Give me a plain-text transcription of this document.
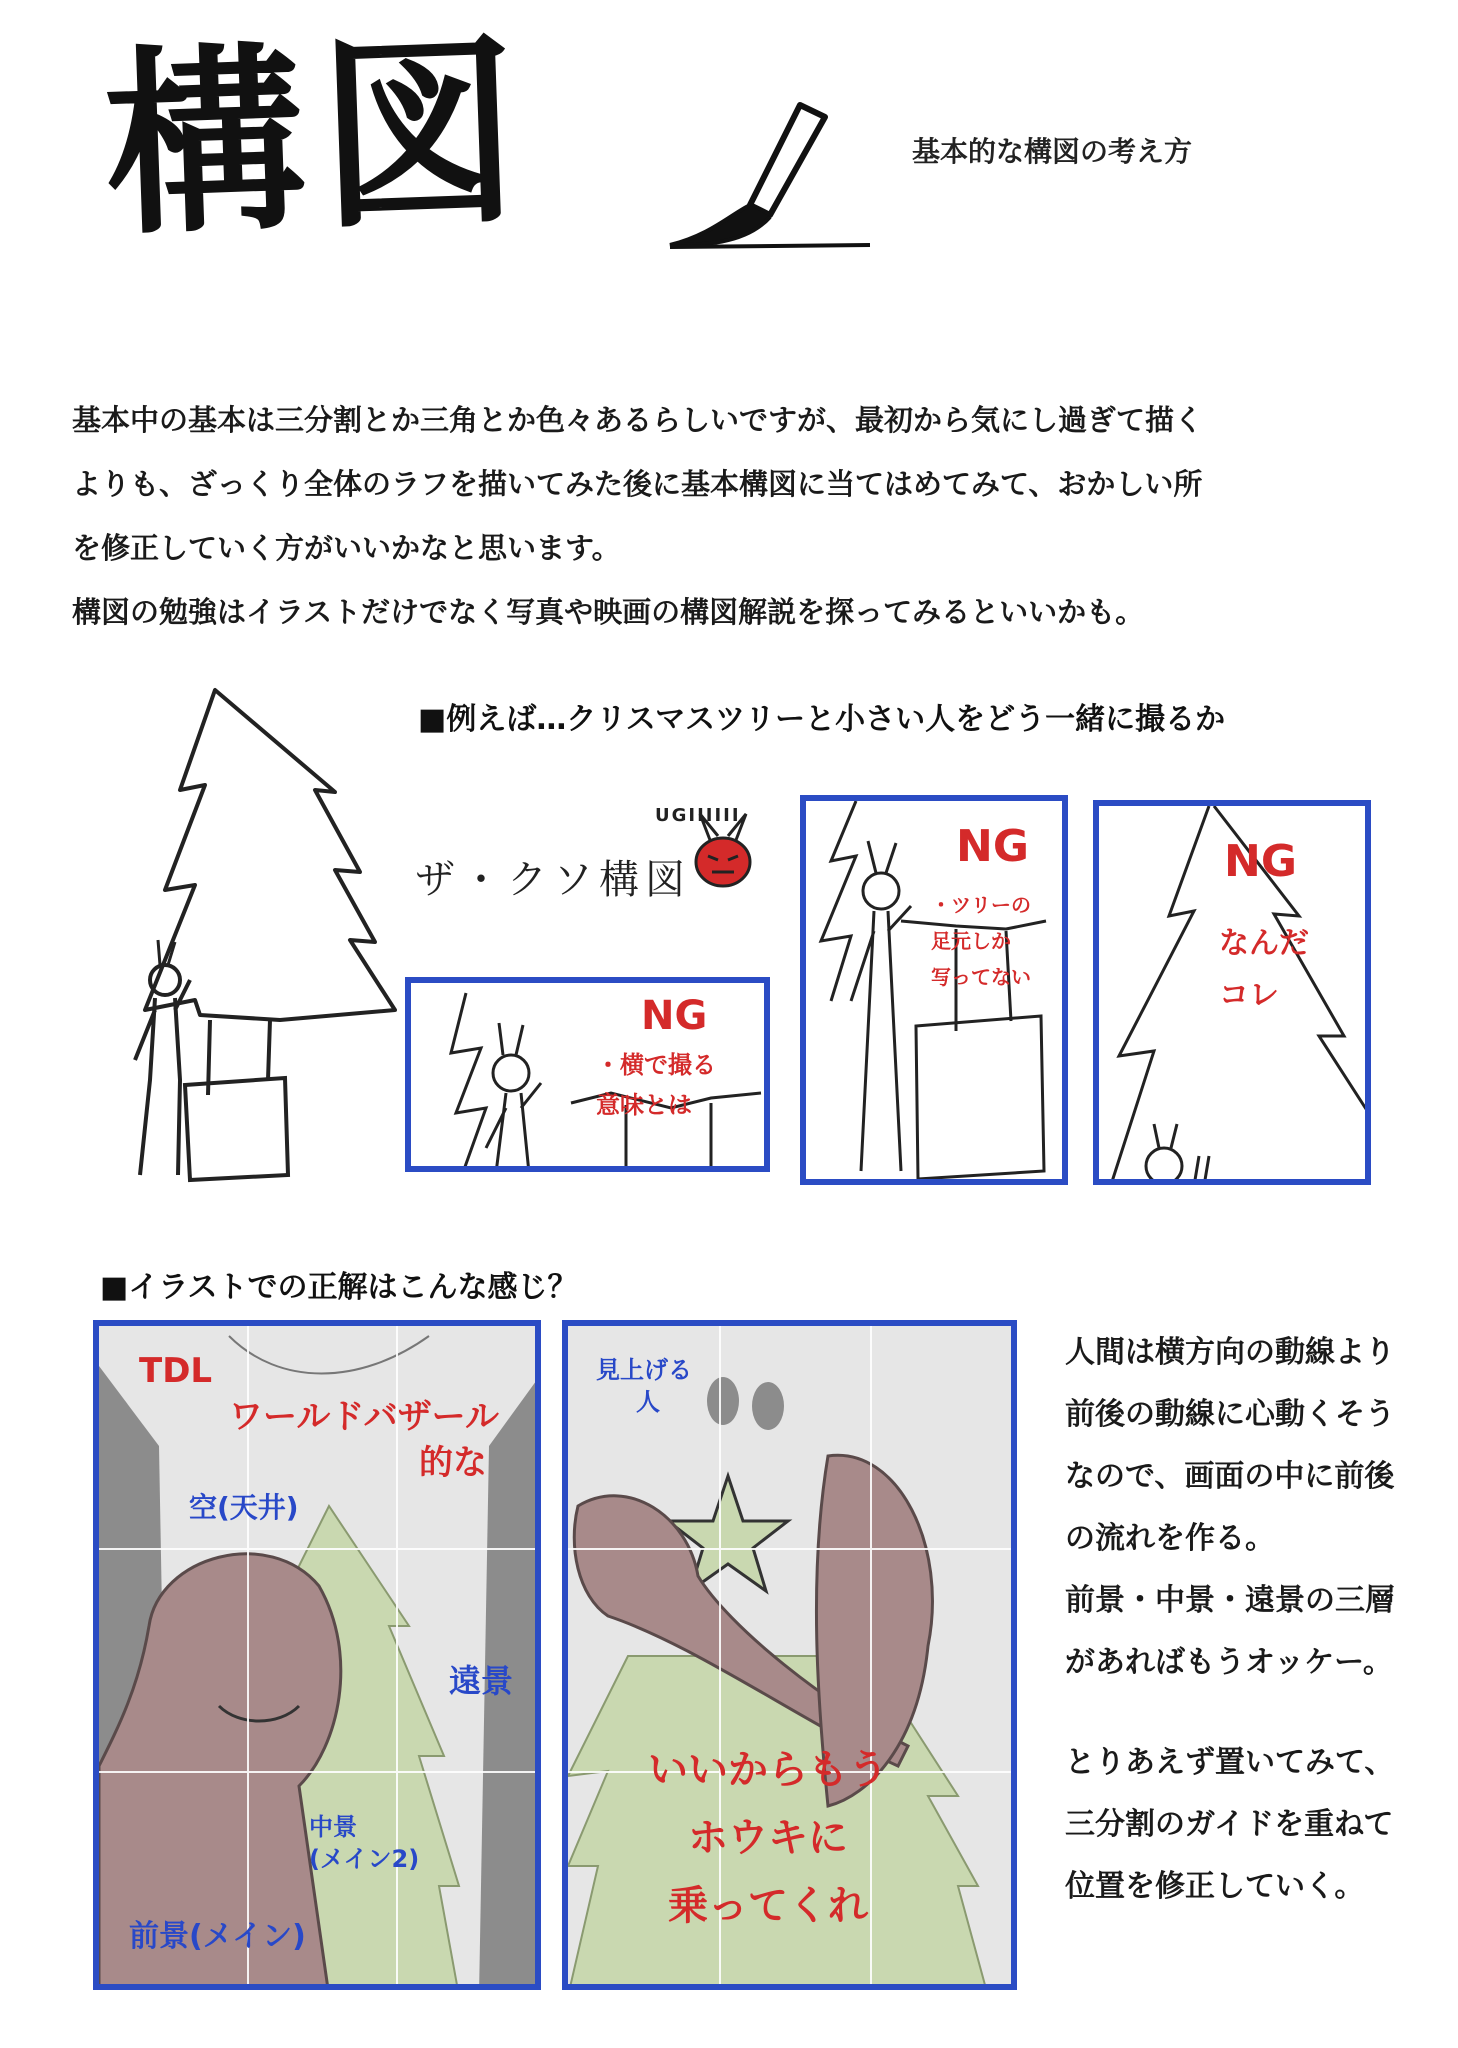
構図	基本的な構図の考え方

基本中の基本は三分割とか三角とか色々あるらしいですが、最初から気にし過ぎて描く

よりも、ざっくり全体のラフを描いてみた後に基本構図に当てはめてみて、おかしい所

を修正していく方がいいかなと思います。

構図の勉強はイラストだけでなく写真や映画の構図解説を探ってみるといいかも。

■例えば…クリスマスツリーと小さい人をどう一緒に撮るか
ザ・クソ構図
UGIIIIII
NG
・横で撮る
意味とは
NG
・ツリーの
足元しか
写ってない
NG
なんだ
コレ
■イラストでの正解はこんな感じ？
TDL
ワールドバザール
的な
空(天井)
遠景
中景
(メイン2)
前景(メイン)
見上げる
人
いいからもう
ホウキに
乗ってくれ

人間は横方向の動線より

前後の動線に心動くそう

なので、画面の中に前後

の流れを作る。

前景・中景・遠景の三層

があればもうオッケー。

とりあえず置いてみて、

三分割のガイドを重ねて

位置を修正していく。
